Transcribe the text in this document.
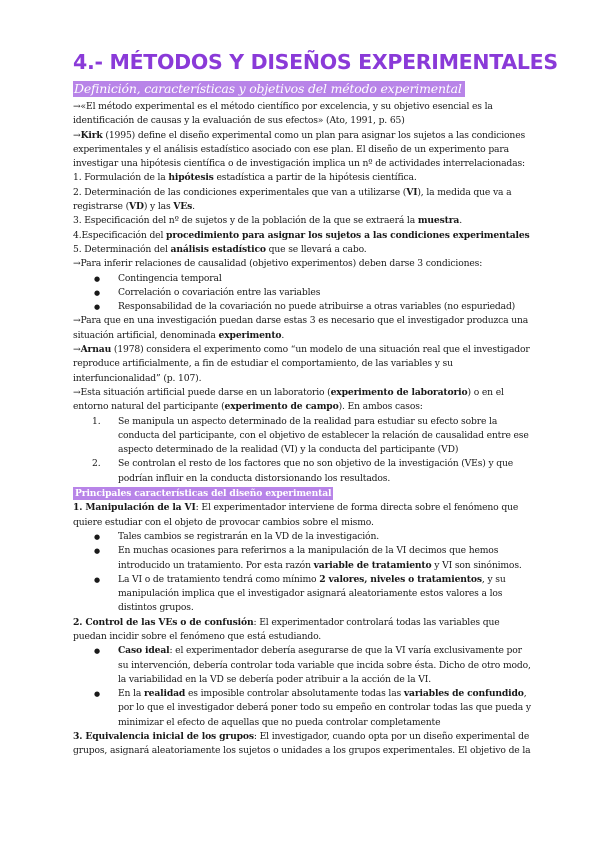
4.- MÉTODOS Y DISEÑOS EXPERIMENTALES
Definición, características y objetivos del método experimental

→«El método experimental es el método científico por excelencia, y su objetivo esencial es la identificación de causas y la evaluación de sus efectos» (Ato, 1991, p. 65)

→Kirk (1995) define el diseño experimental como un plan para asignar los sujetos a las condiciones experimentales y el análisis estadístico asociado con ese plan. El diseño de un experimento para investigar una hipótesis científica o de investigación implica un nº de actividades interrelacionadas:

1. Formulación de la hipótesis estadística a partir de la hipótesis científica.

2. Determinación de las condiciones experimentales que van a utilizarse (VI), la medida que va a registrarse (VD) y las VEs.

3. Especificación del nº de sujetos y de la población de la que se extraerá la muestra.

4.Especificación del procedimiento para asignar los sujetos a las condiciones experimentales

5. Determinación del análisis estadístico que se llevará a cabo.

→Para inferir relaciones de causalidad (objetivo experimentos) deben darse 3 condiciones:

● Contingencia temporal
● Correlación o covariación entre las variables
● Responsabilidad de la covariación no puede atribuirse a otras variables (no espuriedad)

→Para que en una investigación puedan darse estas 3 es necesario que el investigador produzca una situación artificial, denominada experimento.

→Arnau (1978) considera el experimento como “un modelo de una situación real que el investigador reproduce artificialmente, a fin de estudiar el comportamiento, de las variables y su interfuncionalidad” (p. 107).

→Esta situación artificial puede darse en un laboratorio (experimento de laboratorio) o en el entorno natural del participante (experimento de campo). En ambos casos:

1. Se manipula un aspecto determinado de la realidad para estudiar su efecto sobre la conducta del participante, con el objetivo de establecer la relación de causalidad entre ese aspecto determinado de la realidad (VI) y la conducta del participante (VD)
2. Se controlan el resto de los factores que no son objetivo de la investigación (VEs) y que podrían influir en la conducta distorsionando los resultados.
Principales características del diseño experimental

1. Manipulación de la VI: El experimentador interviene de forma directa sobre el fenómeno que quiere estudiar con el objeto de provocar cambios sobre el mismo.

● Tales cambios se registrarán en la VD de la investigación.
● En muchas ocasiones para referirnos a la manipulación de la VI decimos que hemos introducido un tratamiento. Por esta razón variable de tratamiento y VI son sinónimos.
● La VI o de tratamiento tendrá como mínimo 2 valores, niveles o tratamientos, y su manipulación implica que el investigador asignará aleatoriamente estos valores a los distintos grupos.

2. Control de las VEs o de confusión: El experimentador controlará todas las variables que puedan incidir sobre el fenómeno que está estudiando.

● Caso ideal: el experimentador debería asegurarse de que la VI varía exclusivamente por su intervención, debería controlar toda variable que incida sobre ésta. Dicho de otro modo, la variabilidad en la VD se debería poder atribuir a la acción de la VI.
● En la realidad es imposible controlar absolutamente todas las variables de confundido, por lo que el investigador deberá poner todo su empeño en controlar todas las que pueda y minimizar el efecto de aquellas que no pueda controlar completamente

3. Equivalencia inicial de los grupos: El investigador, cuando opta por un diseño experimental de grupos, asignará aleatoriamente los sujetos o unidades a los grupos experimentales. El objetivo de la
